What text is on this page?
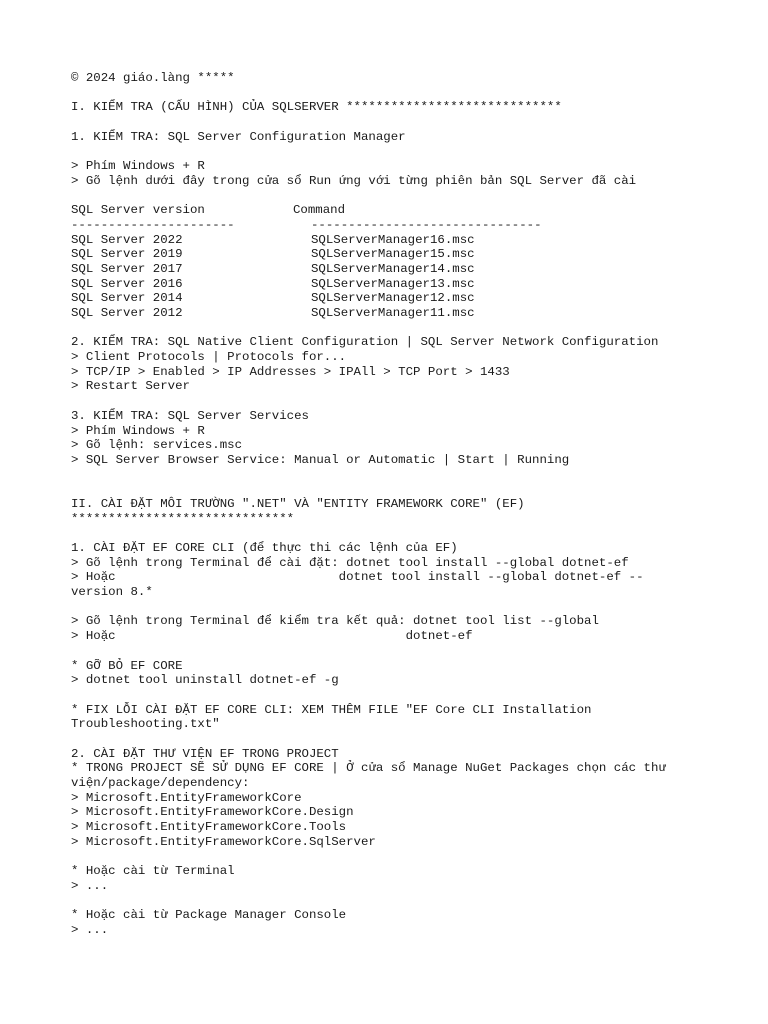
© 2024 giáo.làng *****
I. KIỂM TRA (CẤU HÌNH) CỦA SQLSERVER *****************************
1. KIỂM TRA: SQL Server Configuration Manager
> Phím Windows + R
> Gõ lệnh dưới đây trong cửa sổ Run ứng với từng phiên bản SQL Server đã cài
SQL Server version	Command
----------------------	-------------------------------
SQL Server 2022	SQLServerManager16.msc
SQL Server 2019	SQLServerManager15.msc
SQL Server 2017	SQLServerManager14.msc
SQL Server 2016	SQLServerManager13.msc
SQL Server 2014	SQLServerManager12.msc
SQL Server 2012	SQLServerManager11.msc
2. KIỂM TRA: SQL Native Client Configuration | SQL Server Network Configuration
> Client Protocols | Protocols for...
> TCP/IP > Enabled > IP Addresses > IPAll > TCP Port > 1433
> Restart Server
3. KIỂM TRA: SQL Server Services
> Phím Windows + R
> Gõ lệnh: services.msc
> SQL Server Browser Service: Manual or Automatic | Start | Running
II. CÀI ĐẶT MÔI TRƯỜNG ".NET" VÀ "ENTITY FRAMEWORK CORE" (EF)
******************************
1. CÀI ĐẶT EF CORE CLI (để thực thi các lệnh của EF)
> Gõ lệnh trong Terminal để cài đặt: dotnet tool install --global dotnet-ef
> Hoặc                              dotnet tool install --global dotnet-ef --
version 8.*
> Gõ lệnh trong Terminal để kiểm tra kết quả: dotnet tool list --global
> Hoặc                                       dotnet-ef
* GỠ BỎ EF CORE
> dotnet tool uninstall dotnet-ef -g
* FIX LỖI CÀI ĐẶT EF CORE CLI: XEM THÊM FILE "EF Core CLI Installation
Troubleshooting.txt"
2. CÀI ĐẶT THƯ VIỆN EF TRONG PROJECT
* TRONG PROJECT SẼ SỬ DỤNG EF CORE | Ở cửa sổ Manage NuGet Packages chọn các thư
viện/package/dependency:
> Microsoft.EntityFrameworkCore
> Microsoft.EntityFrameworkCore.Design
> Microsoft.EntityFrameworkCore.Tools
> Microsoft.EntityFrameworkCore.SqlServer
* Hoặc cài từ Terminal
> ...
* Hoặc cài từ Package Manager Console
> ...
